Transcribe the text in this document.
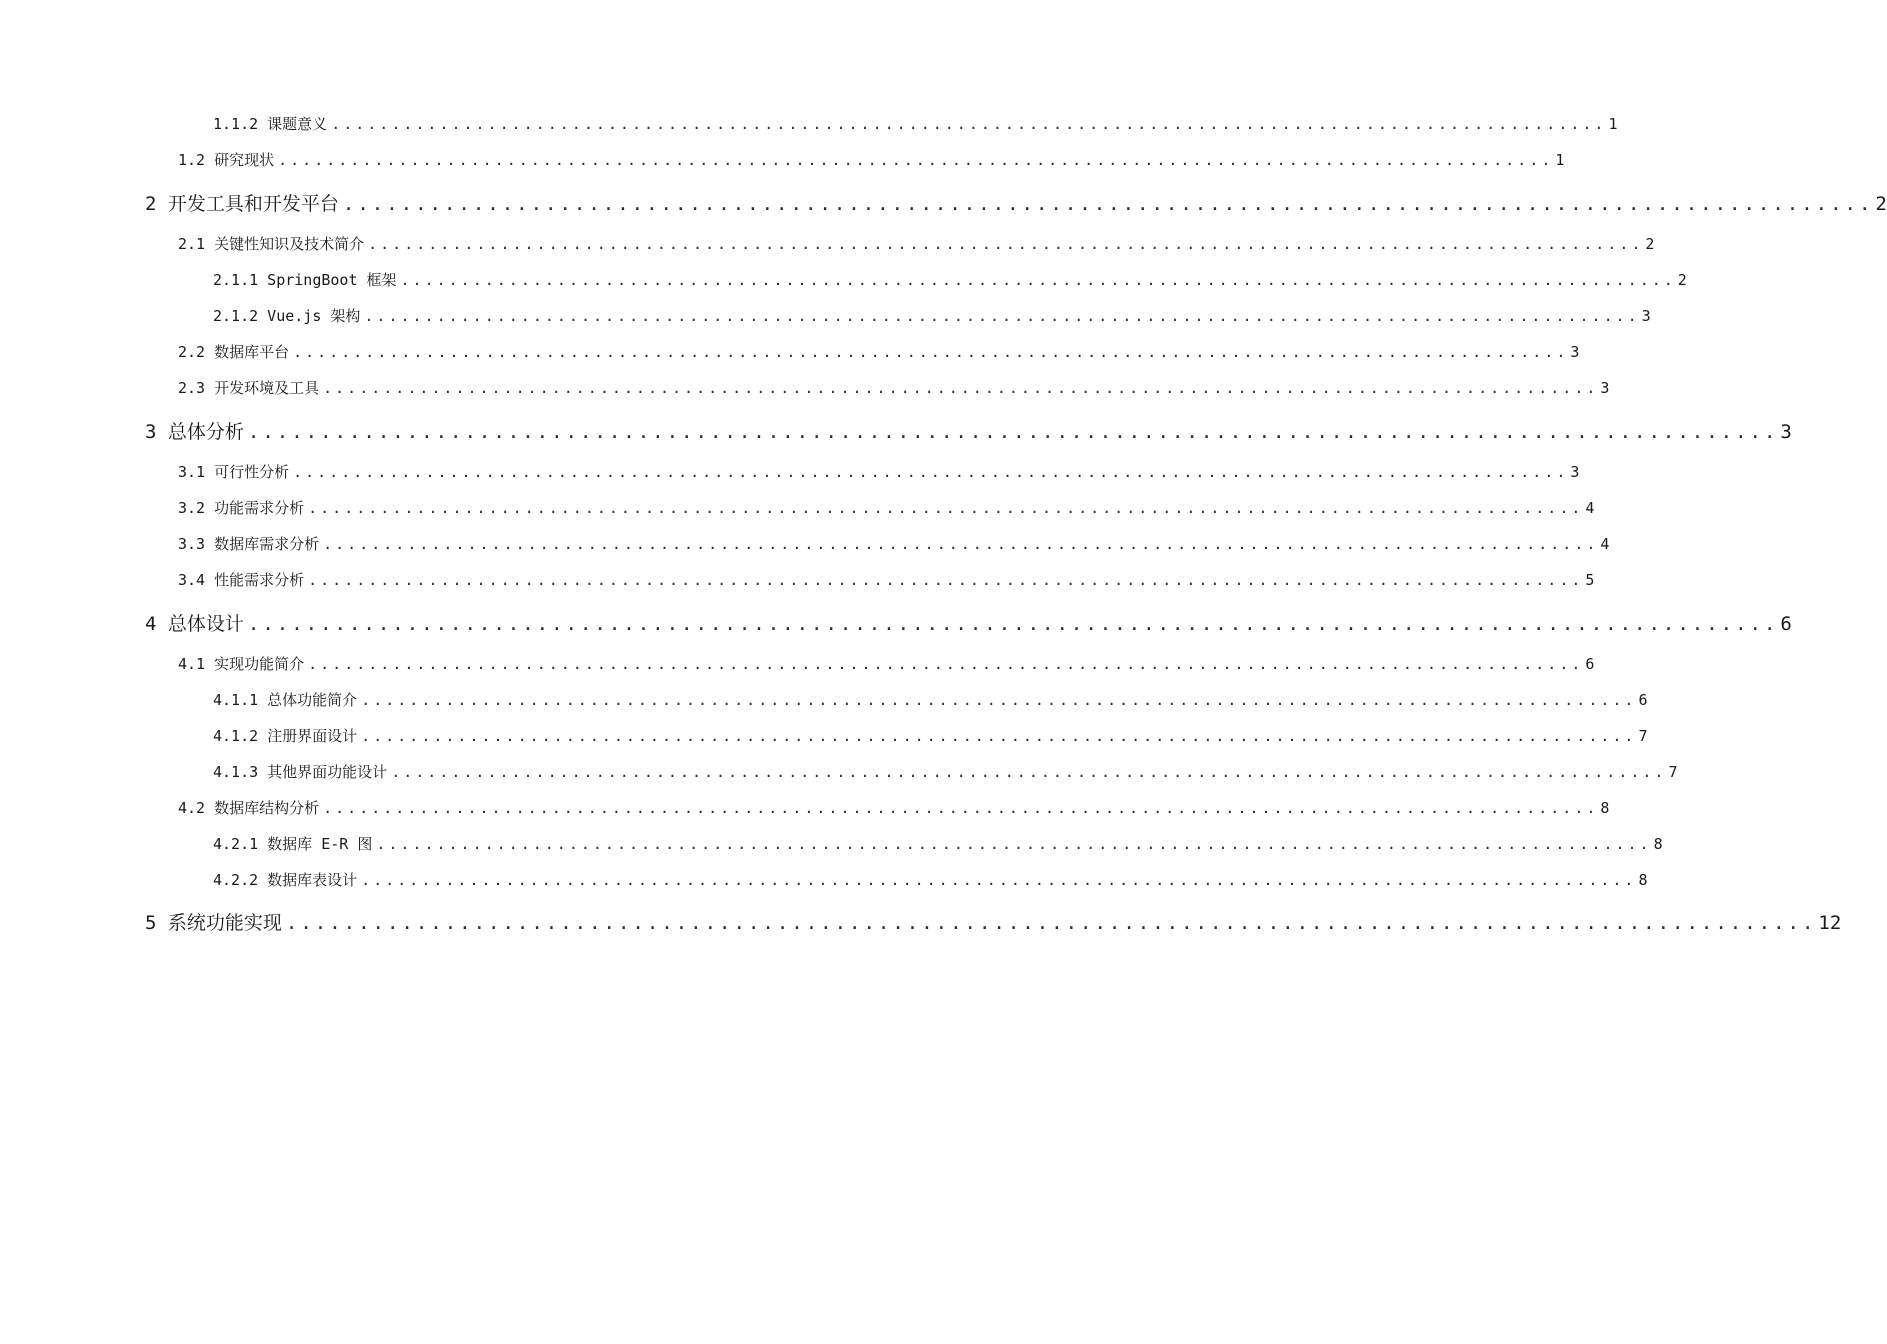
1.1.2 课题意义 .......................................................................................................... 1
1.2 研究现状 .......................................................................................................... 1
2 开发工具和开发平台 .......................................................................................................... 2
2.1 关键性知识及技术简介 .......................................................................................................... 2
2.1.1 SpringBoot 框架 .......................................................................................................... 2
2.1.2 Vue.js 架构 .......................................................................................................... 3
2.2 数据库平台 .......................................................................................................... 3
2.3 开发环境及工具 .......................................................................................................... 3
3 总体分析 .......................................................................................................... 3
3.1 可行性分析 .......................................................................................................... 3
3.2 功能需求分析 .......................................................................................................... 4
3.3 数据库需求分析 .......................................................................................................... 4
3.4 性能需求分析 .......................................................................................................... 5
4 总体设计 .......................................................................................................... 6
4.1 实现功能简介 .......................................................................................................... 6
4.1.1 总体功能简介 .......................................................................................................... 6
4.1.2 注册界面设计 .......................................................................................................... 7
4.1.3 其他界面功能设计 .......................................................................................................... 7
4.2 数据库结构分析 .......................................................................................................... 8
4.2.1 数据库 E-R 图 .......................................................................................................... 8
4.2.2 数据库表设计 .......................................................................................................... 8
5 系统功能实现 .......................................................................................................... 12
